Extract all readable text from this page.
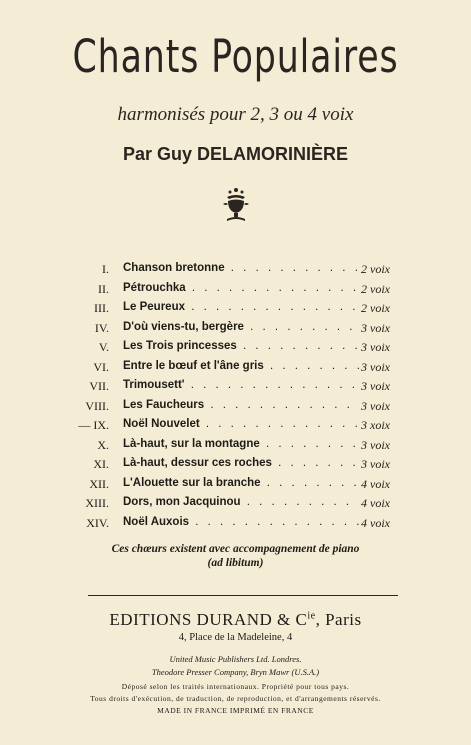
Chants Populaires
harmonisés pour 2, 3 ou 4 voix
Par Guy DELAMORINIÈRE
I. Chanson bretonne . . .	2 voix
II. Pétrouchka . . .	2 voix
III. Le Peureux . . .	2 voix
IV. D'où viens-tu, bergère . . .	3 voix
V. Les Trois princesses . . .	3 voix
VI. Entre le bœuf et l'âne gris . . .	3 voix
VII. Trimousett' . . .	3 voix
VIII. Les Faucheurs . . .	3 voix
— IX. Noël Nouvelet . . .	3 xoix
X. Là-haut, sur la montagne . . .	3 voix
XI. Là-haut, dessur ces roches . . .	3 voix
XII. L'Alouette sur la branche . . .	4 voix
XIII. Dors, mon Jacquinou . . .	4 voix
XIV. Noël Auxois . . .	4 voix
Ces chœurs existent avec accompagnement de piano
(ad libitum)
EDITIONS DURAND & $C^{ie}$, Paris
4, Place de la Madeleine, 4
United Music Publishers Ltd. Londres.
Theodore Presser Company, Bryn Mawr (U.S.A.)
Déposé selon les traités internationaux. Propriété pour tous pays.
Tous droits d'exécution, de traduction, de reproduction, et d'arrangements réservés.
MADE IN FRANCE IMPRIMÉ EN FRANCE
